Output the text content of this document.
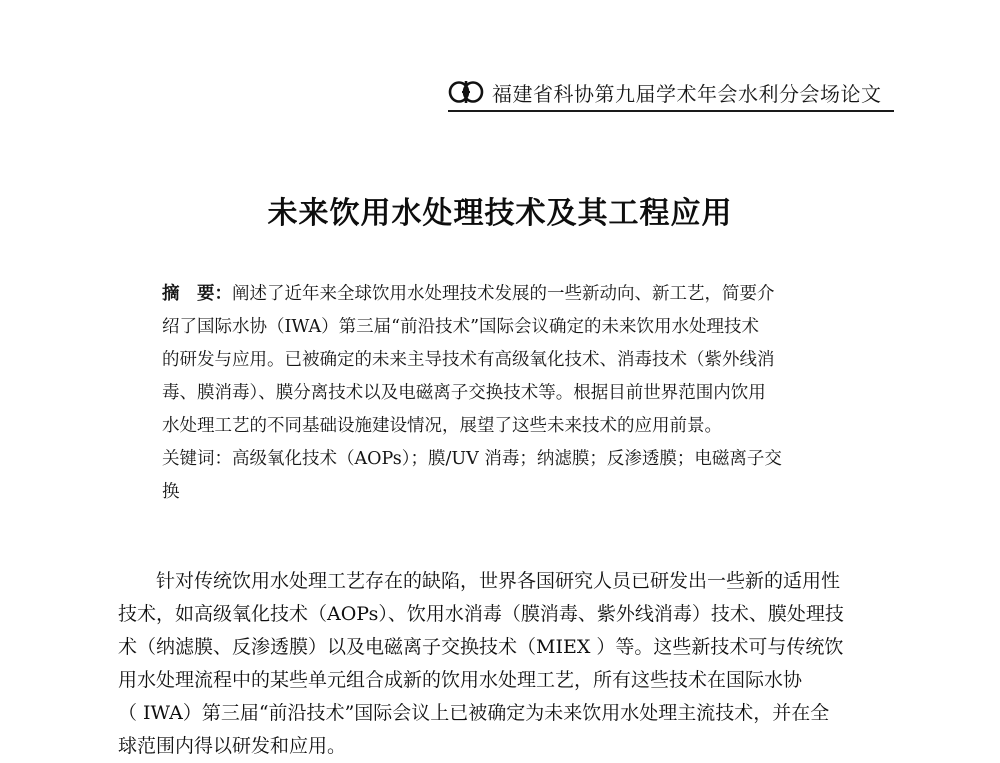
福建省科协第九届学术年会水利分会场论文
未来饮用水处理技术及其工程应用
摘　要：阐述了近年来全球饮用水处理技术发展的一些新动向、新工艺，简要介
绍了国际水协（IWA）第三届“前沿技术”国际会议确定的未来饮用水处理技术
的研发与应用。已被确定的未来主导技术有高级氧化技术、消毒技术（紫外线消
毒、膜消毒）、膜分离技术以及电磁离子交换技术等。根据目前世界范围内饮用
水处理工艺的不同基础设施建设情况，展望了这些未来技术的应用前景。
关键词：高级氧化技术（AOPs）；膜/UV 消毒；纳滤膜；反渗透膜；电磁离子交
换
针对传统饮用水处理工艺存在的缺陷，世界各国研究人员已研发出一些新的适用性
技术，如高级氧化技术（AOPs）、饮用水消毒（膜消毒、紫外线消毒）技术、膜处理技
术（纳滤膜、反渗透膜）以及电磁离子交换技术（MIEX ）等。这些新技术可与传统饮
用水处理流程中的某些单元组合成新的饮用水处理工艺，所有这些技术在国际水协
（ IWA）第三届“前沿技术”国际会议上已被确定为未来饮用水处理主流技术，并在全
球范围内得以研发和应用。
